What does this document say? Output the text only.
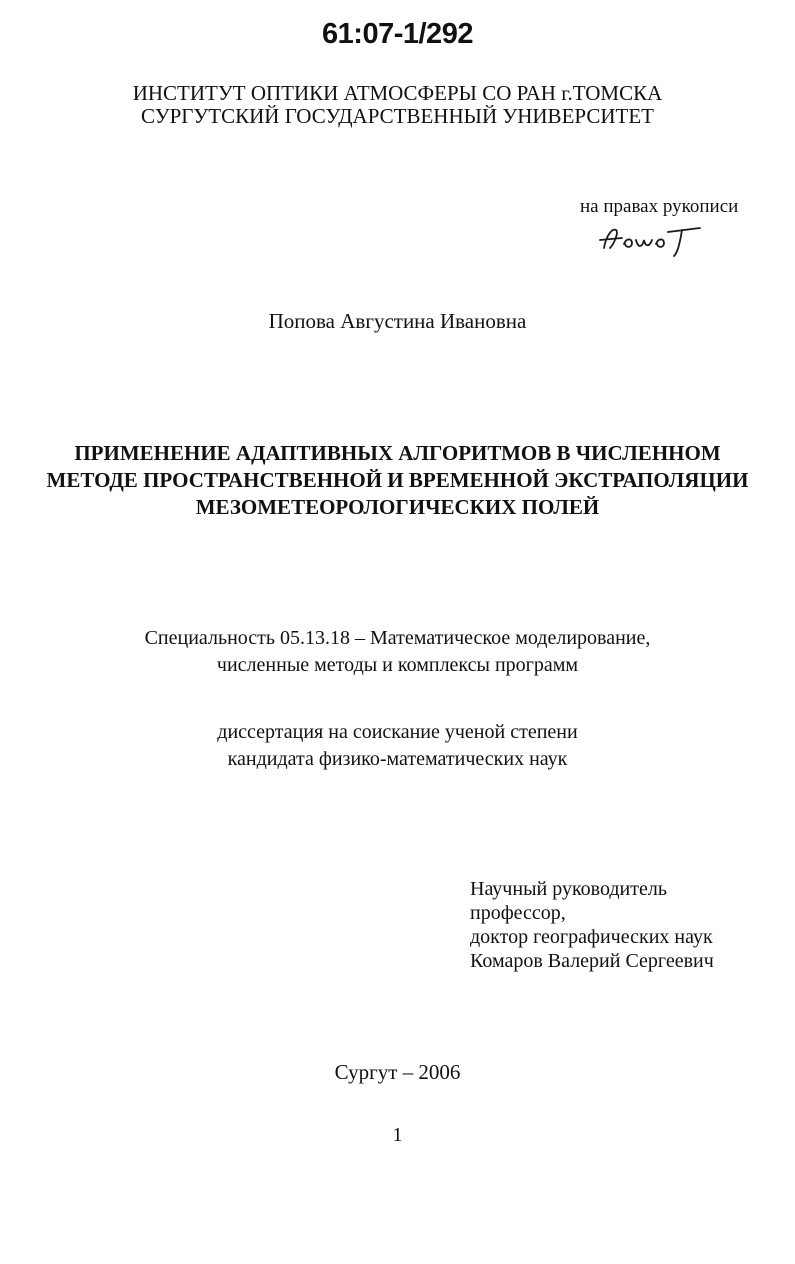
61:07-1/292
ИНСТИТУТ ОПТИКИ АТМОСФЕРЫ СО РАН г.ТОМСКА
СУРГУТСКИЙ ГОСУДАРСТВЕННЫЙ УНИВЕРСИТЕТ
на правах рукописи
Попова Августина Ивановна
ПРИМЕНЕНИЕ АДАПТИВНЫХ АЛГОРИТМОВ В ЧИСЛЕННОМ
МЕТОДЕ ПРОСТРАНСТВЕННОЙ И ВРЕМЕННОЙ ЭКСТРАПОЛЯЦИИ
МЕЗОМЕТЕОРОЛОГИЧЕСКИХ ПОЛЕЙ
Специальность 05.13.18 – Математическое моделирование,
численные методы и комплексы программ
диссертация на соискание ученой степени
кандидата физико-математических наук
Научный руководитель
профессор,
доктор географических наук
Комаров Валерий Сергеевич
Сургут – 2006
1
